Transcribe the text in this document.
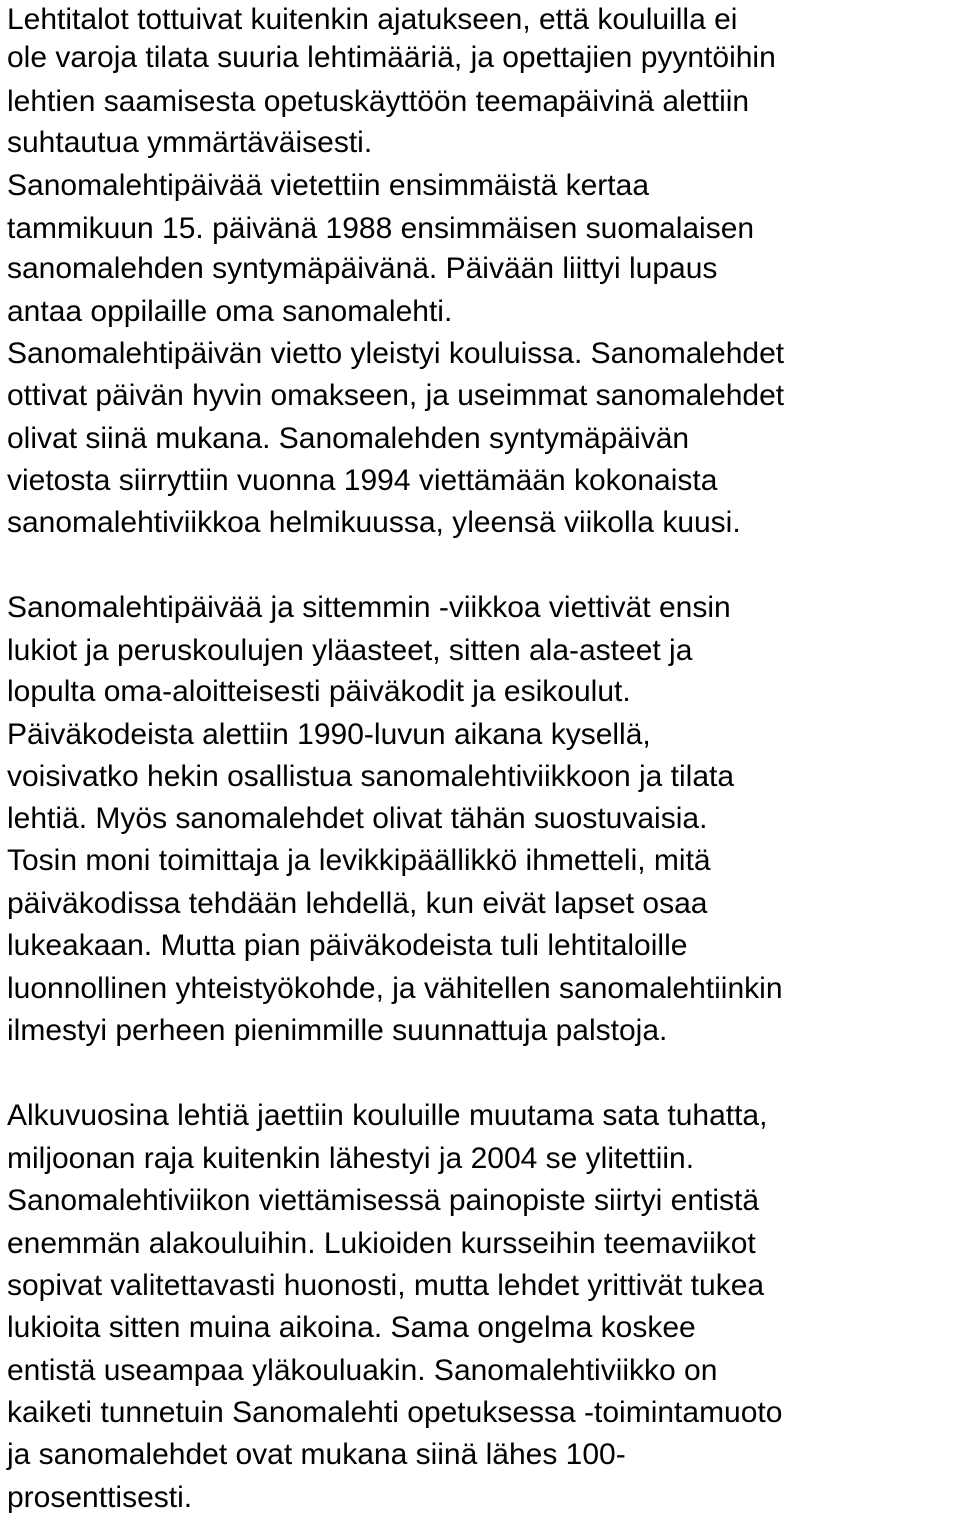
Lehtitalot tottuivat kuitenkin ajatukseen, että kouluilla ei

ole varoja tilata suuria lehtimääriä, ja opettajien pyyntöihin

lehtien saamisesta opetuskäyttöön teemapäivinä alettiin

suhtautua ymmärtäväisesti.

Sanomalehtipäivää vietettiin ensimmäistä kertaa

tammikuun 15. päivänä 1988 ensimmäisen suomalaisen

sanomalehden syntymäpäivänä. Päivään liittyi lupaus

antaa oppilaille oma sanomalehti.

Sanomalehtipäivän vietto yleistyi kouluissa. Sanomalehdet

ottivat päivän hyvin omakseen, ja useimmat sanomalehdet

olivat siinä mukana. Sanomalehden syntymäpäivän

vietosta siirryttiin vuonna 1994 viettämään kokonaista

sanomalehtiviikkoa helmikuussa, yleensä viikolla kuusi.

Sanomalehtipäivää ja sittemmin -viikkoa viettivät ensin

lukiot ja peruskoulujen yläasteet, sitten ala-asteet ja

lopulta oma-aloitteisesti päiväkodit ja esikoulut.

Päiväkodeista alettiin 1990-luvun aikana kysellä,

voisivatko hekin osallistua sanomalehtiviikkoon ja tilata

lehtiä. Myös sanomalehdet olivat tähän suostuvaisia.

Tosin moni toimittaja ja levikkipäällikkö ihmetteli, mitä

päiväkodissa tehdään lehdellä, kun eivät lapset osaa

lukeakaan. Mutta pian päiväkodeista tuli lehtitaloille

luonnollinen yhteistyökohde, ja vähitellen sanomalehtiinkin

ilmestyi perheen pienimmille suunnattuja palstoja.

Alkuvuosina lehtiä jaettiin kouluille muutama sata tuhatta,

miljoonan raja kuitenkin lähestyi ja 2004 se ylitettiin.

Sanomalehtiviikon viettämisessä painopiste siirtyi entistä

enemmän alakouluihin. Lukioiden kursseihin teemaviikot

sopivat valitettavasti huonosti, mutta lehdet yrittivät tukea

lukioita sitten muina aikoina. Sama ongelma koskee

entistä useampaa yläkouluakin. Sanomalehtiviikko on

kaiketi tunnetuin Sanomalehti opetuksessa -toimintamuoto

ja sanomalehdet ovat mukana siinä lähes 100-

prosenttisesti.
